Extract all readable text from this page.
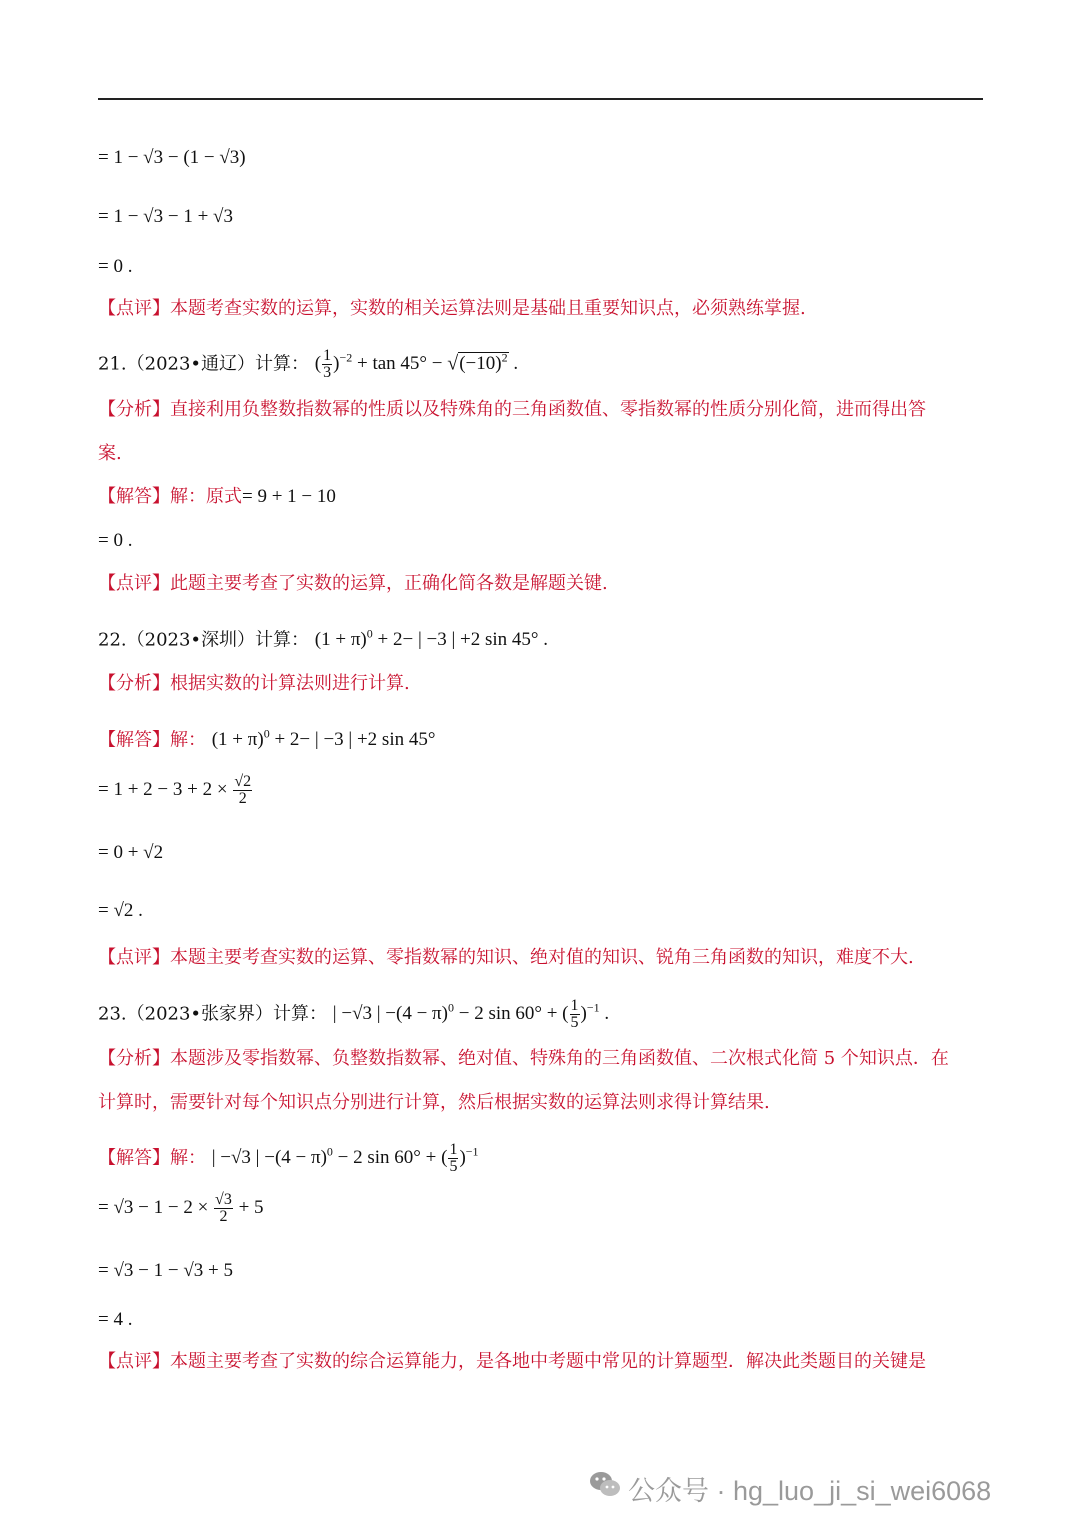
= 1 − √3 − (1 − √3)
= 1 − √3 − 1 + √3
= 0 .
【点评】本题考查实数的运算，实数的相关运算法则是基础且重要知识点，必须熟练掌握.
21.（2023•通辽）计算： ( $\frac{1}{3} )^{-2} + \tan 45^\circ - √(-10)^2$ .
【分析】直接利用负整数指数幂的性质以及特殊角的三角函数值、零指数幂的性质分别化简，进而得出答
案.
【解答】解：原式= 9 + 1 − 10
= 0 .
【点评】此题主要考查了实数的运算，正确化简各数是解题关键.
22.（2023•深圳）计算： $(1 + \pi)^0 + 2-$ | −3 | +2 sin 45° .
【分析】根据实数的计算法则进行计算.
【解答】解： $(1 + \pi)^0 + 2-$ | −3 | +2 sin 45°
= $1 + 2 - 3 + 2 \times \frac{√2}{2}$
= 0 + √2
= √2 .
【点评】本题主要考查实数的运算、零指数幂的知识、绝对值的知识、锐角三角函数的知识，难度不大.
23.（2023•张家界）计算： | −√3 | $-(4 - \pi)^0 - 2$ sin 60° + ( $\frac{1}{5} )^{-1}$ .
【分析】本题涉及零指数幂、负整数指数幂、绝对值、特殊角的三角函数值、二次根式化简 5 个知识点．在
计算时，需要针对每个知识点分别进行计算，然后根据实数的运算法则求得计算结果.
【解答】解： | −√3 | $-(4 - \pi)^0 - 2$ sin 60° + ( $\frac{1}{5} )^{-1}$
= $√3 - 1 - 2 \times \frac{√3}{2} + 5$
= √3 − 1 − √3 + 5
= 4 .
【点评】本题主要考查了实数的综合运算能力，是各地中考题中常见的计算题型．解决此类题目的关键是
公众号 · hg_luo_ji_si_wei6068
